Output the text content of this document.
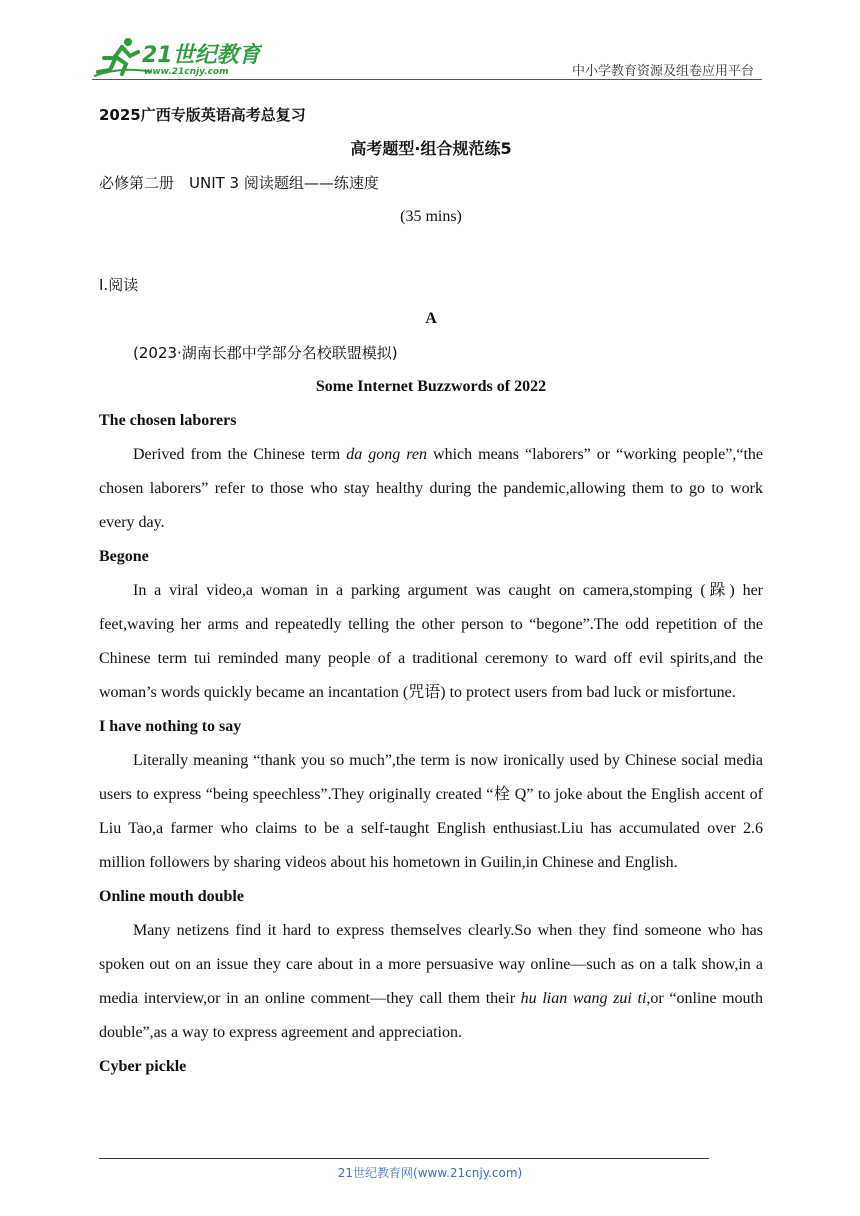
21世纪教育
www.21cnjy.com	中小学教育资源及组卷应用平台
2025广西专版英语高考总复习
高考题型·组合规范练5
必修第二册　UNIT 3 阅读题组——练速度
(35 mins)
Ⅰ.阅读
A
(2023·湖南长郡中学部分名校联盟模拟)
Some Internet Buzzwords of 2022
The chosen laborers

Derived from the Chinese term da gong ren which means “laborers” or “working people”,“the chosen laborers” refer to those who stay healthy during the pandemic,allowing them to go to work every day.

Begone

In a viral video,a woman in a parking argument was caught on camera,stomping (跺) her feet,waving her arms and repeatedly telling the other person to “begone”.The odd repetition of the Chinese term tui reminded many people of a traditional ceremony to ward off evil spirits,and the woman’s words quickly became an incantation (咒语) to protect users from bad luck or misfortune.

I have nothing to say

Literally meaning “thank you so much”,the term is now ironically used by Chinese social media users to express “being speechless”.They originally created “栓 Q” to joke about the English accent of Liu Tao,a farmer who claims to be a self-taught English enthusiast.Liu has accumulated over 2.6 million followers by sharing videos about his hometown in Guilin,in Chinese and English.

Online mouth double

Many netizens find it hard to express themselves clearly.So when they find someone who has spoken out on an issue they care about in a more persuasive way online—such as on a talk show,in a media interview,or in an online comment—they call them their hu lian wang zui ti,or “online mouth double”,as a way to express agreement and appreciation.

Cyber pickle
21世纪教育网(www.21cnjy.com)
